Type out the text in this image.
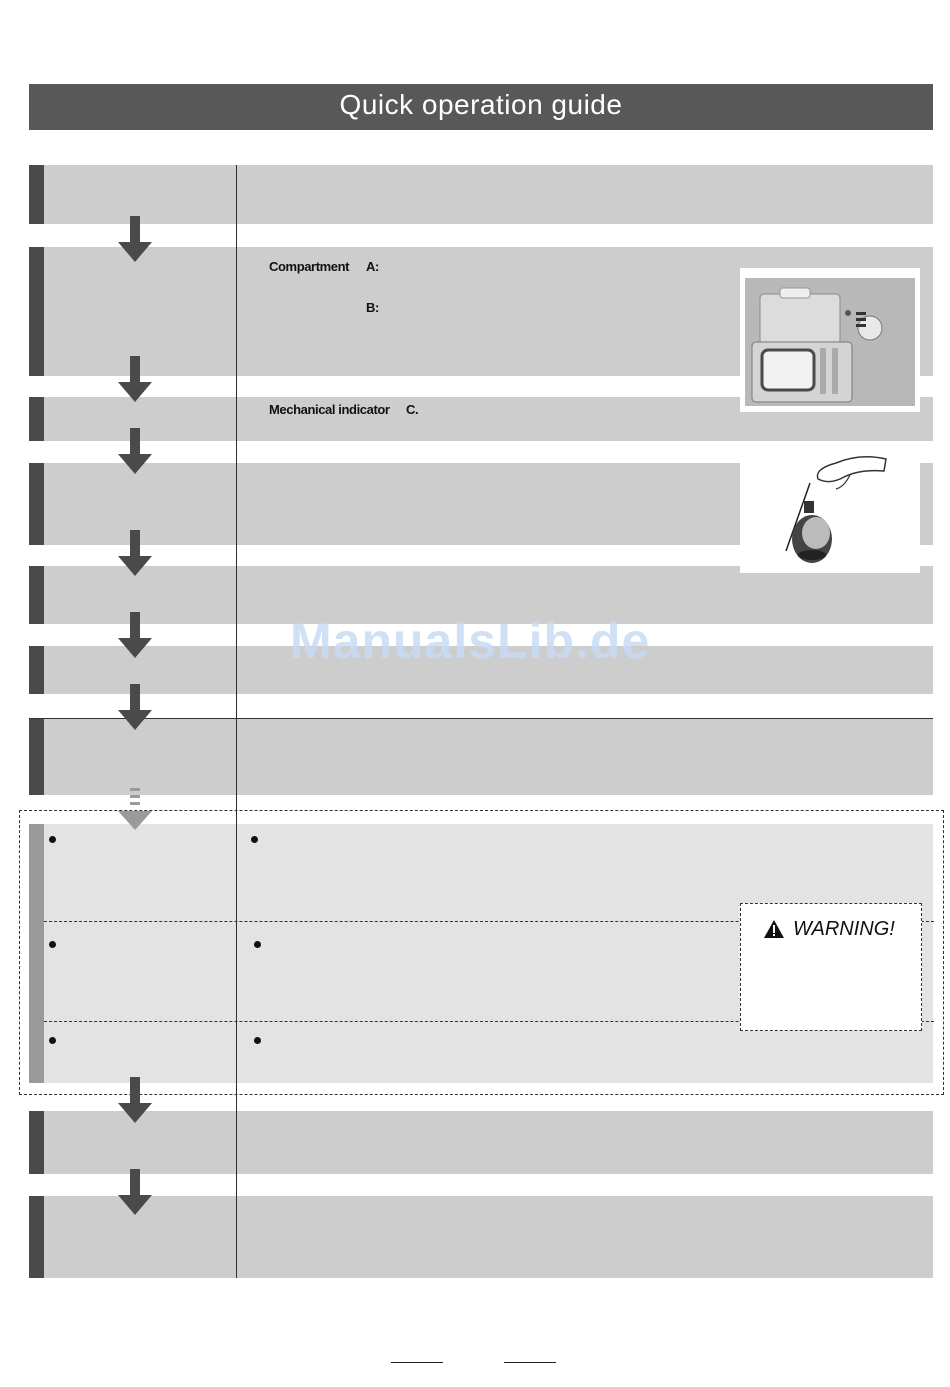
Quick operation guide
Compartment A:
B:
Mechanical indicator C.
WARNING!
ManualsLib.de
